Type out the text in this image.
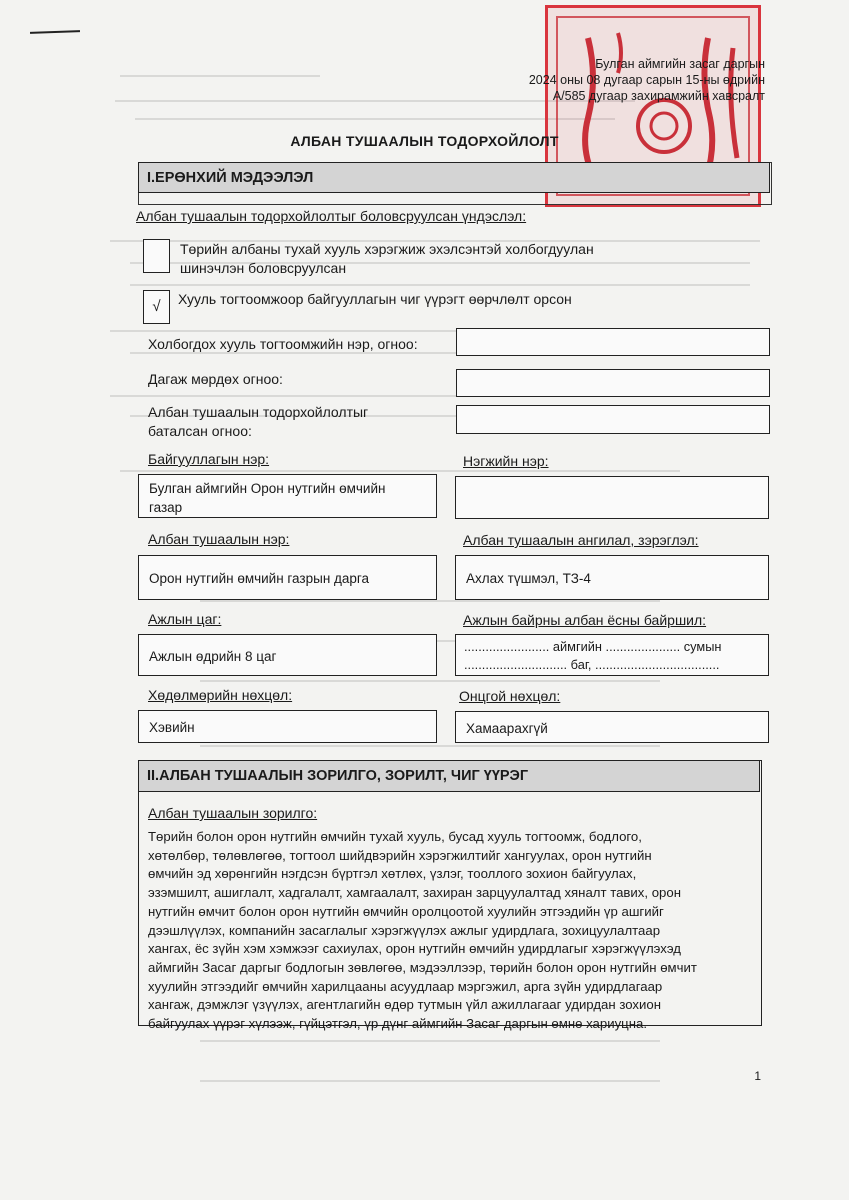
Булган аймгийн засаг даргын
2024 оны 08 дугаар сарын 15-ны өдрийн
А/585 дугаар захирамжийн хавсралт
АЛБАН ТУШААЛЫН ТОДОРХОЙЛОЛТ
I.ЕРӨНХИЙ МЭДЭЭЛЭЛ
Албан тушаалын тодорхойлолтыг боловсруулсан үндэслэл:
Төрийн албаны тухай хууль хэрэгжиж эхэлсэнтэй холбогдуулан
шинэчлэн боловсруулсан
√	Хууль тогтоомжоор байгууллагын чиг үүрэгт өөрчлөлт орсон
Холбогдох хууль тогтоомжийн нэр, огноо:
Дагаж мөрдөх огноо:
Албан тушаалын тодорхойлолтыг
баталсан огноо:
Байгууллагын нэр:	Нэгжийн нэр:
Булган аймгийн Орон нутгийн өмчийн
газар
Албан тушаалын нэр:	Албан тушаалын ангилал, зэрэглэл:
Орон нутгийн өмчийн газрын дарга	Ахлах түшмэл, ТЗ-4
Ажлын цаг:	Ажлын байрны албан ёсны байршил:
Ажлын өдрийн 8 цаг
........................ аймгийн ..................... сумын
............................. баг, ...................................
Хөдөлмөрийн нөхцөл:	Онцгой нөхцөл:
Хэвийн	Хамаарахгүй
II.АЛБАН ТУШААЛЫН ЗОРИЛГО, ЗОРИЛТ, ЧИГ ҮҮРЭГ
Албан тушаалын зорилго:
Төрийн болон орон нутгийн өмчийн тухай хууль, бусад хууль тогтоомж, бодлого,
хөтөлбөр, төлөвлөгөө, тогтоол шийдвэрийн хэрэгжилтийг хангуулах, орон нутгийн
өмчийн эд хөрөнгийн нэгдсэн бүртгэл хөтлөх, үзлэг, тооллого зохион байгуулах,
эзэмшилт, ашиглалт, хадгалалт, хамгаалалт, захиран зарцуулалтад хяналт тавих, орон
нутгийн өмчит болон орон нутгийн өмчийн оролцоотой хуулийн этгээдийн үр ашгийг
дээшлүүлэх, компанийн засаглалыг хэрэгжүүлэх ажлыг удирдлага, зохицуулалтаар
хангах, ёс зүйн хэм хэмжээг сахиулах, орон нутгийн өмчийн удирдлагыг хэрэгжүүлэхэд
аймгийн Засаг даргыг бодлогын зөвлөгөө, мэдээллээр, төрийн болон орон нутгийн өмчит
хуулийн этгээдийг өмчийн харилцааны асуудлаар мэргэжил, арга зүйн удирдлагаар
хангаж, дэмжлэг үзүүлэх, агентлагийн өдөр тутмын үйл ажиллагааг удирдан зохион
байгуулах үүрэг хүлээж, гүйцэтгэл, үр дүнг аймгийн Засаг даргын өмнө хариуцна.
1
